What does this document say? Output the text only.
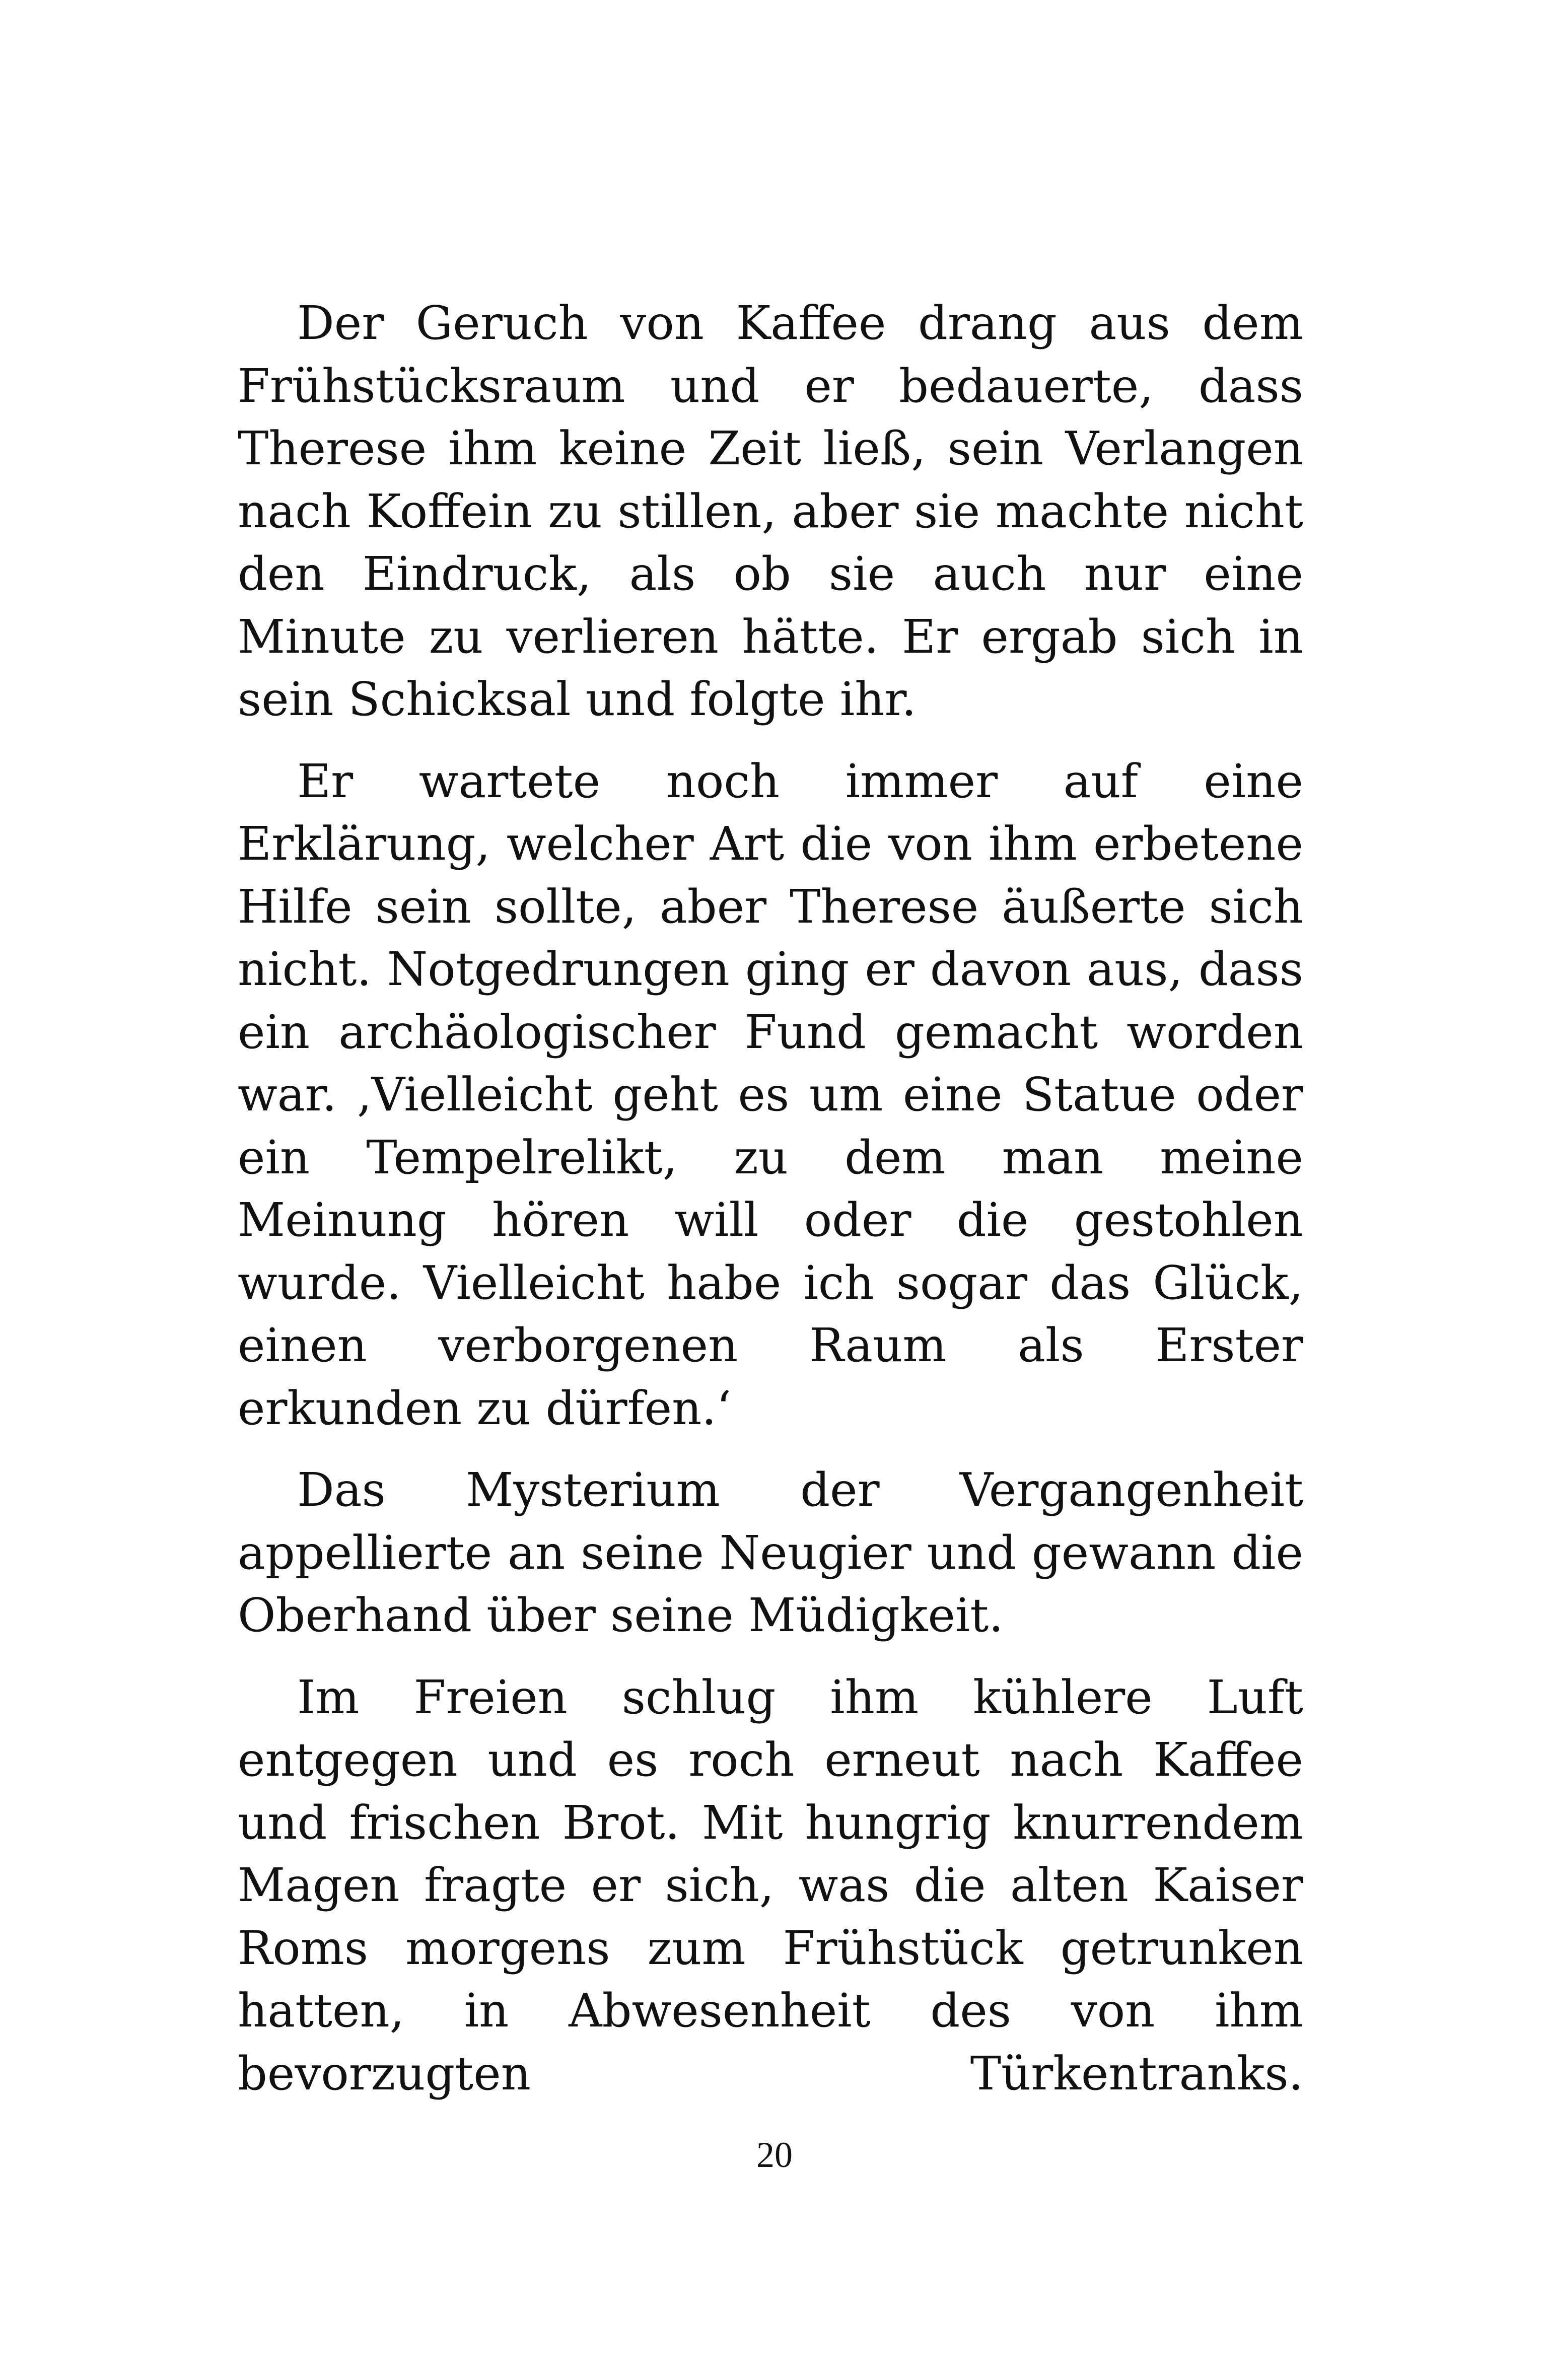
Der Geruch von Kaffee drang aus dem Frühstücksraum und er bedauerte, dass Therese ihm keine Zeit ließ, sein Verlangen nach Koffein zu stillen, aber sie machte nicht den Eindruck, als ob sie auch nur eine Minute zu verlieren hätte. Er ergab sich in sein Schicksal und folgte ihr.

Er wartete noch immer auf eine Erklärung, welcher Art die von ihm erbetene Hilfe sein sollte, aber Therese äußerte sich nicht. Notgedrungen ging er davon aus, dass ein archäologischer Fund gemacht worden war. ‚Vielleicht geht es um eine Statue oder ein Tempelrelikt, zu dem man meine Meinung hören will oder die gestohlen wurde. Vielleicht habe ich sogar das Glück, einen verborgenen Raum als Erster erkunden zu dürfen.‘

Das Mysterium der Vergangenheit appellierte an seine Neugier und gewann die Oberhand über seine Müdigkeit.

Im Freien schlug ihm kühlere Luft entgegen und es roch erneut nach Kaffee und frischen Brot. Mit hungrig knurrendem Magen fragte er sich, was die alten Kaiser Roms morgens zum Frühstück getrunken hatten, in Abwesenheit des von ihm bevorzugten Türkentranks.

20
